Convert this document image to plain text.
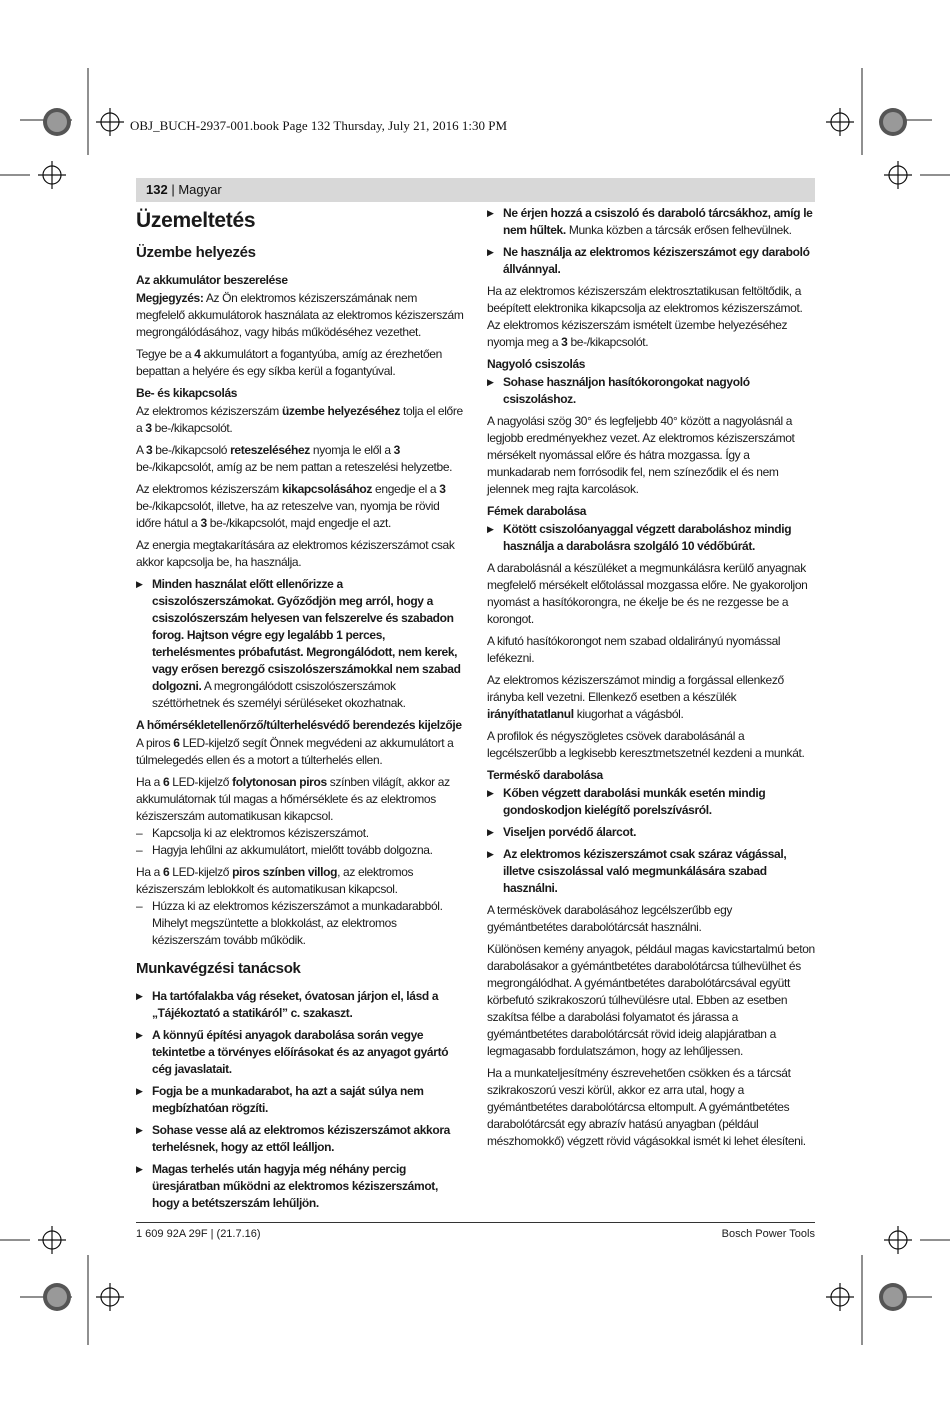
OBJ_BUCH-2937-001.book Page 132 Thursday, July 21, 2016 1:30 PM
132 | Magyar
Üzemeltetés
Üzembe helyezés
Az akkumulátor beszerelése

Megjegyzés: Az Ön elektromos kéziszerszámának nem megfelelő akkumulátorok használata az elektromos kéziszerszám megrongálódásához, vagy hibás működéséhez vezethet.

Tegye be a 4 akkumulátort a fogantyúba, amíg az érezhetően bepattan a helyére és egy síkba kerül a fogantyúval.

Be- és kikapcsolás

Az elektromos kéziszerszám üzembe helyezéséhez tolja el előre a 3 be-/kikapcsolót.

A 3 be-/kikapcsoló reteszeléséhez nyomja le elől a 3 be-/kikapcsolót, amíg az be nem pattan a reteszelési helyzetbe.

Az elektromos kéziszerszám kikapcsolásához engedje el a 3 be-/kikapcsolót, illetve, ha az reteszelve van, nyomja be rövid időre hátul a 3 be-/kikapcsolót, majd engedje el azt.

Az energia megtakarítására az elektromos kéziszerszámot csak akkor kapcsolja be, ha használja.

▶ Minden használat előtt ellenőrizze a csiszolószerszámokat. Győződjön meg arról, hogy a csiszolószerszám helyesen van felszerelve és szabadon forog. Hajtson végre egy legalább 1 perces, terhelésmentes próbafutást. Megrongálódott, nem kerek, vagy erősen berezgő csiszolószerszámokkal nem szabad dolgozni. A megrongálódott csiszolószerszámok széttörhetnek és személyi sérüléseket okozhatnak.
A hőmérsékletellenőrző/túlterhelésvédő berendezés kijelzője

A piros 6 LED-kijelző segít Önnek megvédeni az akkumulátort a túlmelegedés ellen és a motort a túlterhelés ellen.

Ha a 6 LED-kijelző folytonosan piros színben világít, akkor az akkumulátornak túl magas a hőmérséklete és az elektromos kéziszerszám automatikusan kikapcsol.

– Kapcsolja ki az elektromos kéziszerszámot.
– Hagyja lehűlni az akkumulátort, mielőtt tovább dolgozna.

Ha a 6 LED-kijelző piros színben villog, az elektromos kéziszerszám leblokkolt és automatikusan kikapcsol.

– Húzza ki az elektromos kéziszerszámot a munkadarabból. Mihelyt megszüntette a blokkolást, az elektromos kéziszerszám tovább működik.
Munkavégzési tanácsok
▶ Ha tartófalakba vág réseket, óvatosan járjon el, lásd a „Tájékoztató a statikáról” c. szakaszt.
▶ A könnyű építési anyagok darabolása során vegye tekintetbe a törvényes előírásokat és az anyagot gyártó cég javaslatait.
▶ Fogja be a munkadarabot, ha azt a saját súlya nem megbízhatóan rögzíti.
▶ Sohase vesse alá az elektromos kéziszerszámot akkora terhelésnek, hogy az ettől leálljon.
▶ Magas terhelés után hagyja még néhány percig üresjáratban működni az elektromos kéziszerszámot, hogy a betétszerszám lehűljön.
▶ Ne érjen hozzá a csiszoló és daraboló tárcsákhoz, amíg le nem hűltek. Munka közben a tárcsák erősen felhevülnek.
▶ Ne használja az elektromos kéziszerszámot egy daraboló állvánnyal.

Ha az elektromos kéziszerszám elektrosztatikusan feltöltődik, a beépített elektronika kikapcsolja az elektromos kéziszerszámot. Az elektromos kéziszerszám ismételt üzembe helyezéséhez nyomja meg a 3 be-/kikapcsolót.

Nagyoló csiszolás
▶ Sohase használjon hasítókorongokat nagyoló csiszoláshoz.

A nagyolási szög 30° és legfeljebb 40° között a nagyolásnál a legjobb eredményekhez vezet. Az elektromos kéziszerszámot mérsékelt nyomással előre és hátra mozgassa. Így a munkadarab nem forrósodik fel, nem színeződik el és nem jelennek meg rajta karcolások.

Fémek darabolása
▶ Kötött csiszolóanyaggal végzett daraboláshoz mindig használja a darabolásra szolgáló 10 védőbúrát.

A darabolásnál a készüléket a megmunkálásra kerülő anyagnak megfelelő mérsékelt előtolással mozgassa előre. Ne gyakoroljon nyomást a hasítókorongra, ne ékelje be és ne rezgesse be a korongot.

A kifutó hasítókorongot nem szabad oldalirányú nyomással lefékezni.

Az elektromos kéziszerszámot mindig a forgással ellenkező irányba kell vezetni. Ellenkező esetben a készülék irányíthatatlanul kiugorhat a vágásból.

A profilok és négyszögletes csövek darabolásánál a legcélszerűbb a legkisebb keresztmetszetnél kezdeni a munkát.

Terméskő darabolása
▶ Kőben végzett darabolási munkák esetén mindig gondoskodjon kielégítő porelszívásról.
▶ Viseljen porvédő álarcot.
▶ Az elektromos kéziszerszámot csak száraz vágással, illetve csiszolással való megmunkálására szabad használni.

A terméskövek darabolásához legcélszerűbb egy gyémántbetétes darabolótárcsát használni.

Különösen kemény anyagok, például magas kavicstartalmú beton darabolásakor a gyémántbetétes darabolótárcsa túlhevülhet és megrongálódhat. A gyémántbetétes darabolótárcsával együtt körbefutó szikrakoszorú túlhevülésre utal. Ebben az esetben szakítsa félbe a darabolási folyamatot és járassa a gyémántbetétes darabolótárcsát rövid ideig alapjáratban a legmagasabb fordulatszámon, hogy az lehűljessen.

Ha a munkateljesítmény észrevehetően csökken és a tárcsát szikrakoszorú veszi körül, akkor ez arra utal, hogy a gyémántbetétes darabolótárcsa eltompult. A gyémántbetétes darabolótárcsát egy abrazív hatású anyagban (például mészhomokkő) végzett rövid vágásokkal ismét ki lehet élesíteni.

1 609 92A 29F | (21.7.16)	Bosch Power Tools
